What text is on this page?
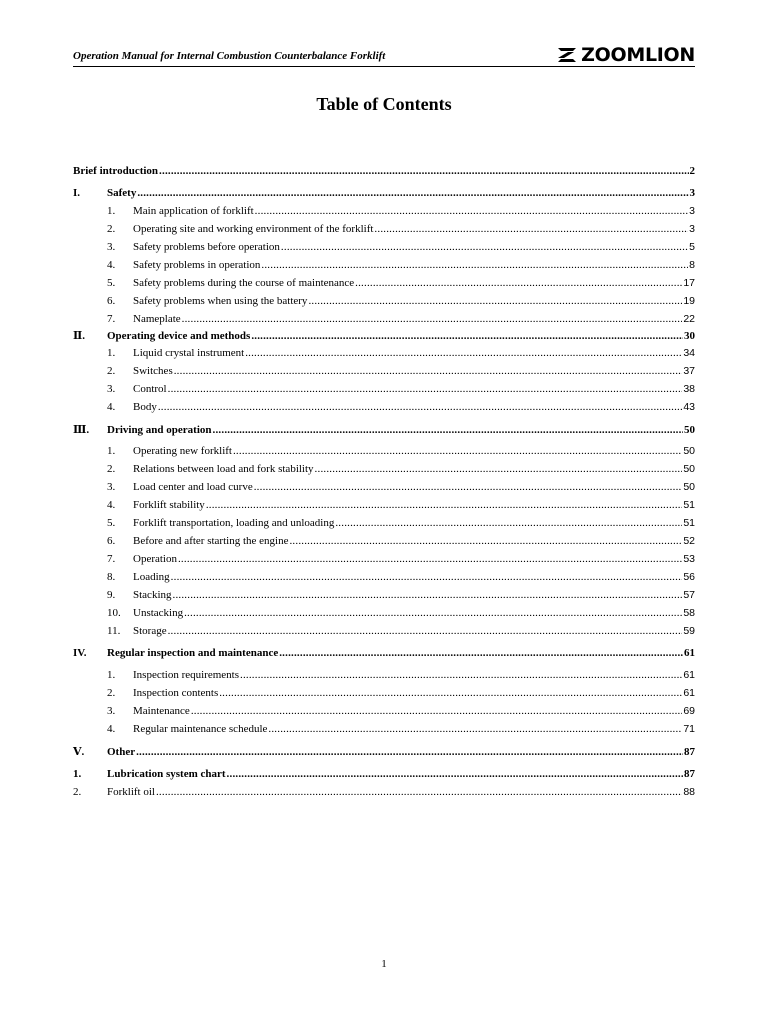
Operation Manual for Internal Combustion Counterbalance Forklift	ZOOMLION
Table of Contents
Brief introduction .....	2
I.	Safety .....	3
1.	Main application of forklift .....	3
2.	Operating site and working environment of the forklift .....	3
3.	Safety problems before operation .....	5
4.	Safety problems in operation .....	8
5.	Safety problems during the course of maintenance .....	17
6.	Safety problems when using the battery .....	19
7.	Nameplate .....	22
Ⅱ.	Operating device and methods .....	30
1.	Liquid crystal instrument .....	34
2.	Switches .....	37
3.	Control .....	38
4.	Body .....	43
Ⅲ.	Driving and operation .....	50
1.	Operating new forklift .....	50
2.	Relations between load and fork stability .....	50
3.	Load center and load curve .....	50
4.	Forklift stability .....	51
5.	Forklift transportation, loading and unloading .....	51
6.	Before and after starting the engine .....	52
7.	Operation .....	53
8.	Loading .....	56
9.	Stacking .....	57
10.	Unstacking .....	58
11.	Storage .....	59
IV.	Regular inspection and maintenance .....	61
1.	Inspection requirements .....	61
2.	Inspection contents .....	61
3.	Maintenance .....	69
4.	Regular maintenance schedule .....	71
Ⅴ.	Other .....	87
1.	Lubrication system chart .....	87
2.	Forklift oil .....	88
1
